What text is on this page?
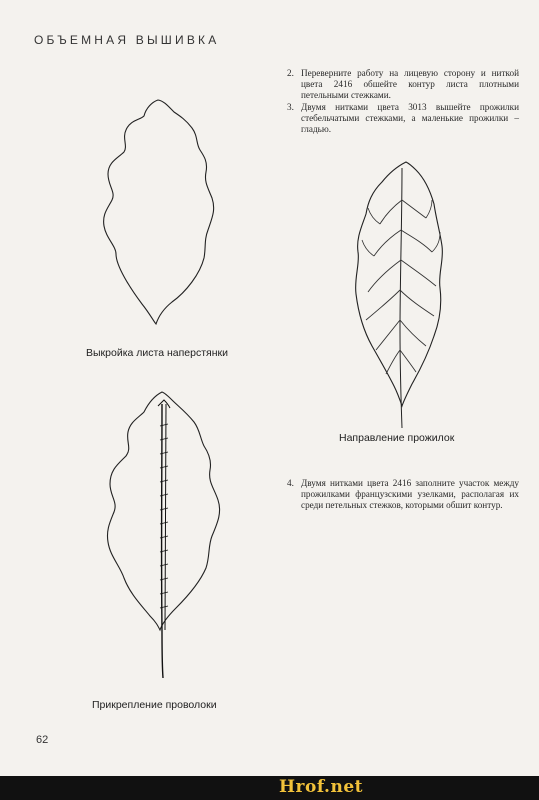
ОБЪЕМНАЯ ВЫШИВКА
2. Переверните работу на лицевую сторону и ниткой цвета 2416 обшейте контур листа плотными петельными стежками.
3. Двумя нитками цвета 3013 вышейте прожилки стебельчатыми стежками, а маленькие прожилки – гладью.
Выкройка листа наперстянки
Направление прожилок
4. Двумя нитками цвета 2416 заполните участок между прожилками французскими узелками, располагая их среди петельных стежков, которыми обшит контур.
Прикрепление проволоки
62
Hrof.net
